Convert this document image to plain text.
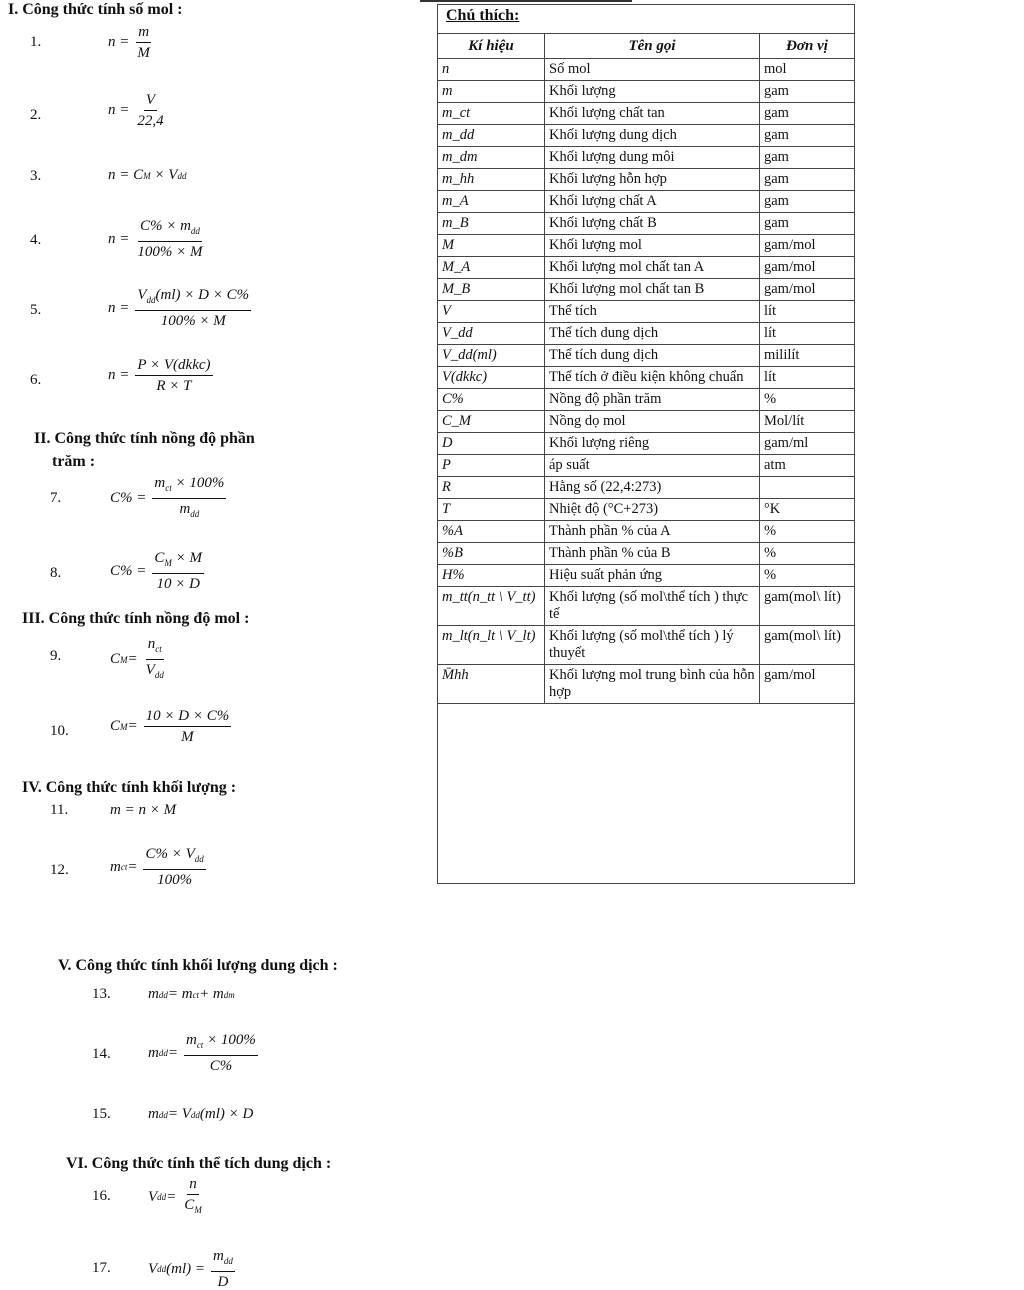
I. Công thức tính số mol :
1.	$n = \frac{m}{M}$
2.	$n = \frac{V}{22,4}$
3.	n = C M × V dd
4.	$n = \frac{C\% \times m_{dd}}{100\% \times M}$
5.	$n = \frac{V_{dd}(ml) \times D \times C\%}{100\% \times M}$
6.	$n = \frac{\text{P × V(dkkc)}}{R \times T}$
II. Công thức tính nồng độ phần
trăm :
7.	$C\% = \frac{m_{ct} \times 100\%}{m_{dd}}$
8.	$C\% = \frac{C_M \times M}{10 \times D}$
III. Công thức tính nồng độ mol :
9.	C $M = \frac{n_{ct}}{V_{dd}}$
10.	C $M = \frac{10 \times D \times C\%}{M}$
IV. Công thức tính khối lượng :
11.	m = n × M
12.	m ct = $\frac{C\% \times V_{dd}}{100\%}$
V. Công thức tính khối lượng dung dịch :
13. m dd = m ct + m dm
14. m dd = $\frac{m_{ct} \times 100\%}{C\%}$
15. m dd = V dd (ml) × D
VI. Công thức tính thể tích dung dịch :
16. V dd = $\frac{n}{C_M}$
17. V dd $(ml) = \frac{m_{dd}}{D}$
Chú thích:
Kí hiệu	Tên gọi	Đơn vị
n	Số mol	mol
m	Khối lượng	gam
m_ct	Khối lượng chất tan	gam
m_dd	Khối lượng dung dịch	gam
m_dm	Khối lượng dung môi	gam
m_hh	Khối lượng hỗn hợp	gam
m_A	Khối lượng chất A	gam
m_B	Khối lượng chất B	gam
M	Khối lượng mol	gam/mol
M_A	Khối lượng mol chất tan A	gam/mol
M_B	Khối lượng mol chất tan B	gam/mol
V	Thể tích	lít
V_dd	Thể tích dung dịch	lít
V_dd(ml)	Thể tích dung dịch	mililít
V(dkkc)	Thể tích ở điều kiện không chuẩn	lít
C%	Nồng độ phần trăm	%
C_M	Nồng dọ mol	Mol/lít
D	Khối lượng riêng	gam/ml
P	áp suất	atm
R	Hằng số (22,4:273)	
T	Nhiệt độ (°C+273)	°K
%A	Thành phần % của A	%
%B	Thành phần % của B	%
H%	Hiệu suất phản ứng	%
m_tt(n_tt \ V_tt)	Khối lượng (số mol\thể tích ) thực tế	gam(mol\ lít)
m_lt(n_lt \ V_lt)	Khối lượng (số mol\thể tích ) lý thuyết	gam(mol\ lít)
M̄hh	Khối lượng mol trung bình của hỗn hợp	gam/mol
